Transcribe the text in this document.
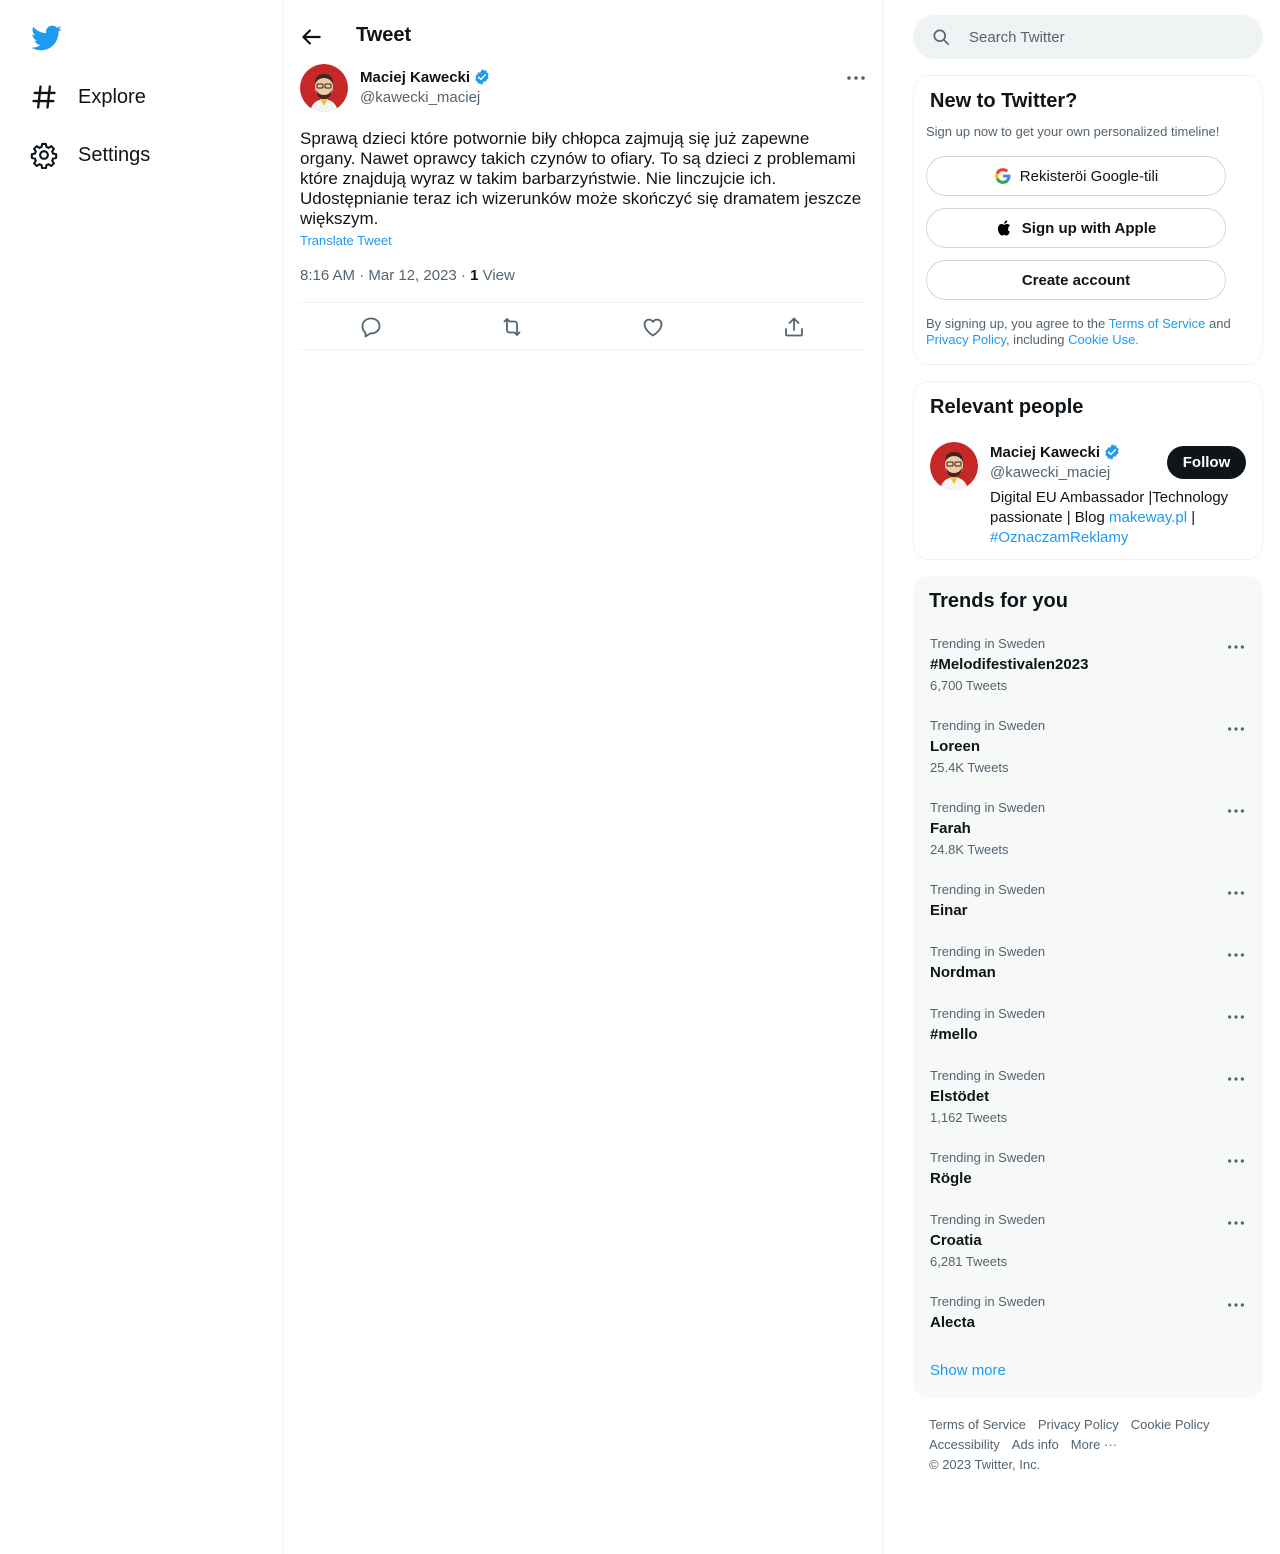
Explore
Settings
Tweet
Maciej Kawecki
@kawecki_maciej
Sprawą dzieci które potwornie biły chłopca zajmują się już zapewne organy. Nawet oprawcy takich czynów to ofiary. To są dzieci z problemami które znajdują wyraz w takim barbarzyństwie. Nie linczujcie ich. Udostępnianie teraz ich wizerunków może skończyć się dramatem jeszcze większym.
Translate Tweet
8:16 AM · Mar 12, 2023 · 1 View
Search Twitter
New to Twitter?
Sign up now to get your own personalized timeline!
Rekisteröi Google-tili
Sign up with Apple
Create account
By signing up, you agree to the Terms of Service and Privacy Policy, including Cookie Use.
Relevant people
Maciej Kawecki
@kawecki_maciej
Follow
Digital EU Ambassador |Technology passionate | Blog makeway.pl | #OznaczamReklamy
Trends for you
Trending in Sweden
#Melodifestivalen2023
6,700 Tweets
Trending in Sweden
Loreen
25.4K Tweets
Trending in Sweden
Farah
24.8K Tweets
Trending in Sweden
Einar
Trending in Sweden
Nordman
Trending in Sweden
#mello
Trending in Sweden
Elstödet
1,162 Tweets
Trending in Sweden
Rögle
Trending in Sweden
Croatia
6,281 Tweets
Trending in Sweden
Alecta
Show more
Terms of Service Privacy Policy Cookie Policy
Accessibility Ads info More ···
© 2023 Twitter, Inc.
